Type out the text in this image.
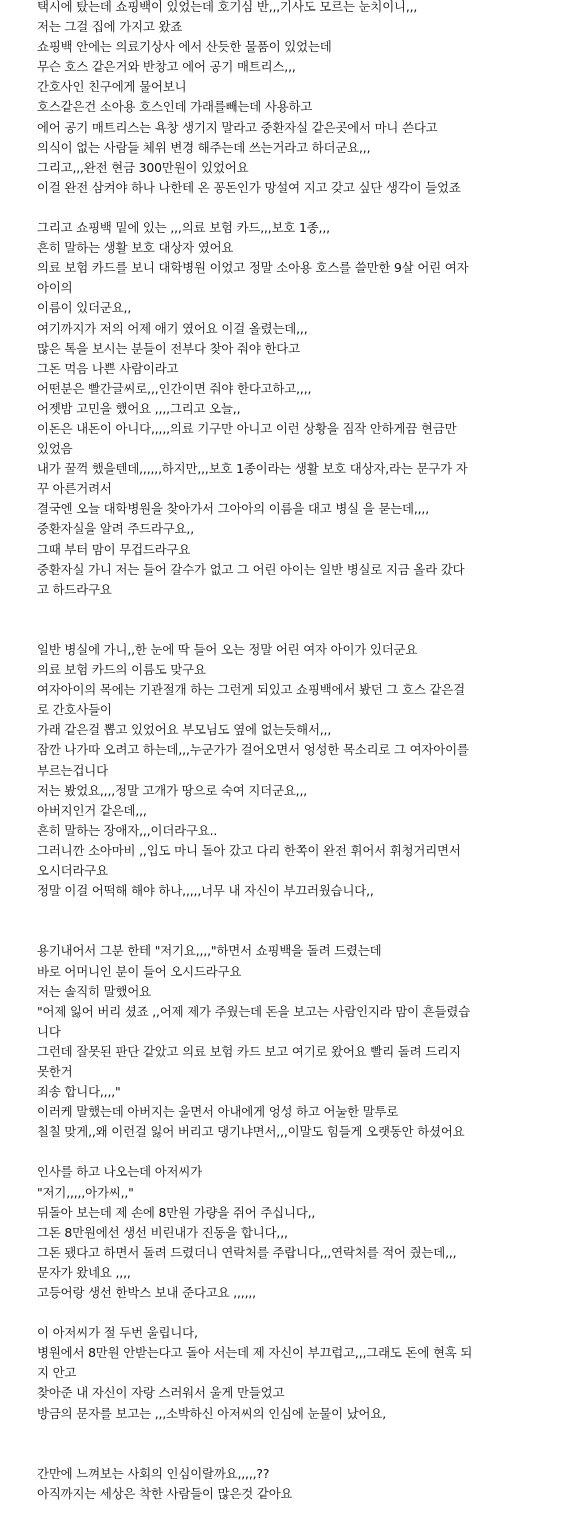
택시에 탔는데 쇼핑백이 있었는데 호기심 반,,,기사도 모르는 눈치이니,,,
저는 그걸 집에 가지고 왔죠
쇼핑백 안에는 의료기상사 에서 산듯한 물품이 있었는데
무슨 호스 같은거와 반창고 에어 공기 매트리스,,,
간호사인 친구에게 물어보니
호스같은건 소아용 호스인데 가래를빼는데 사용하고
에어 공기 매트리스는 욕창 생기지 말라고 중환자실 같은곳에서 마니 쓴다고
의식이 없는 사람들 체위 변경 해주는데 쓰는거라고 하더군요,,,
그리고,,,완전 현금 300만원이 있었어요
이걸 완전 삼켜야 하나 나한테 온 꽁돈인가 망설여 지고 갖고 싶단 생각이 들었죠
그리고 쇼핑백 밑에 있는 ,,,의료 보험 카드,,,보호 1종,,,
흔히 말하는 생활 보호 대상자 였어요
의료 보험 카드를 보니 대학병원 이었고 정말 소아용 호스를 쓸만한 9살 어린 여자
아이의
이름이 있더군요,,
여기까지가 저의 어제 애기 였어요 이걸 올렸는데,,,
많은 톡을 보시는 분들이 전부다 찾아 줘야 한다고
그돈 먹음 나쁜 사람이라고
어떤분은 빨간글씨로,,,인간이면 줘야 한다고하고,,,,
어젯밤 고민을 했어요 ,,,,그리고 오늘,,
이돈은 내돈이 아니다,,,,,의료 기구만 아니고 이런 상황을 짐작 안하게끔 현금만
있었음
내가 꿀꺽 했을텐데,,,,,,하지만,,,보호 1종이라는 생활 보호 대상자,라는 문구가 자
꾸 아른거려서
결국엔 오늘 대학병원을 찾아가서 그아아의 이름을 대고 병실 을 묻는데,,,,
중환자실을 알려 주드라구요,,
그때 부터 맘이 무겁드라구요
중환자실 가니 저는 들어 갈수가 없고 그 어린 아이는 일반 병실로 지금 올라 갔다
고 하드라구요
일반 병실에 가니,,한 눈에 딱 들어 오는 정말 어린 여자 아이가 있더군요
의료 보험 카드의 이름도 맞구요
여자아이의 목에는 기관절개 하는 그런게 되있고 쇼핑백에서 봤던 그 호스 같은걸
로 간호사들이
가래 같은걸 뽑고 있었어요 부모님도 옆에 없는듯해서,,,
잠깐 나가따 오려고 하는데,,,누군가가 걸어오면서 엉성한 목소리로 그 여자아이를
부르는겁니다
저는 봤었요,,,,정말 고개가 땅으로 숙여 지더군요,,,
아버지인거 같은데,,,
흔히 말하는 장애자,,,이더라구요..
그러니깐 소아마비 ,,입도 마니 돌아 갔고 다리 한쪽이 완전 휘어서 휘청거리면서
오시더라구요
정말 이걸 어떡해 해야 하나,,,,,너무 내 자신이 부끄러웠습니다,,
용기내어서 그분 한테 "저기요,,,,"하면서 쇼핑백을 돌려 드렸는데
바로 어머니인 분이 들어 오시드라구요
저는 솔직히 말했어요
"어제 잃어 버리 셨죠 ,,어제 제가 주웠는데 돈을 보고는 사람인지라 맘이 흔들렸습
니다
그런데 잘못된 판단 같았고 의료 보험 카드 보고 여기로 왔어요 빨리 돌려 드리지
못한거
죄송 합니다,,,,"
이러케 말했는데 아버지는 울면서 아내에게 엉성 하고 어눌한 말투로
칠칠 맞게,,왜 이런걸 잃어 버리고 댕기냐면서,,,이말도 힘들게 오랫동안 하셨어요
인사를 하고 나오는데 아저씨가
"저기,,,,,아가씨,,"
뒤돌아 보는데 제 손에 8만원 가량을 쥐어 주십니다,,
그돈 8만원에선 생선 비린내가 진동을 합니다,,,
그돈 됐다고 하면서 돌려 드렸더니 연락처를 주랍니다,,,연락처를 적어 줬는데,,,
문자가 왔네요 ,,,,
고등어랑 생선 한박스 보내 준다고요 ,,,,,,
이 아저씨가 절 두번 울립니다,
병원에서 8만원 안받는다고 돌아 서는데 제 자신이 부끄럽고,,,그래도 돈에 현혹 되
지 안고
찾아준 내 자신이 자랑 스러워서 울게 만들었고
방금의 문자를 보고는 ,,,소박하신 아저씨의 인심에 눈물이 났어요,
간만에 느껴보는 사회의 인심이랄까요,,,,,??
아직까지는 세상은 착한 사람들이 많은것 같아요
